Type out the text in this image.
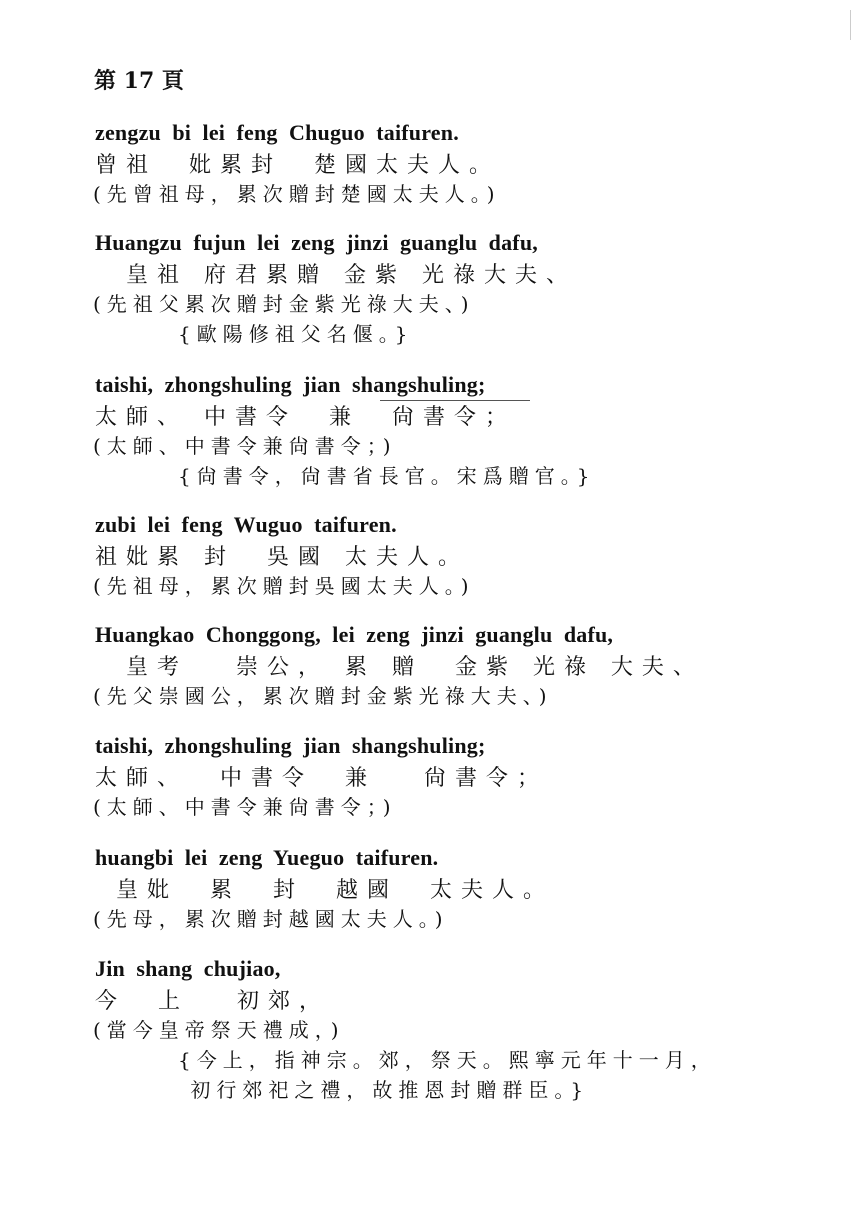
第 17 頁
zengzu  bi  lei  feng  Chuguo  taifuren.
曾祖  妣累封  楚國太夫人。
(先曾祖母，累次贈封楚國太夫人。)
Huangzu  fujun  lei  zeng  jinzi  guanglu  dafu,
皇祖 府君累贈 金紫 光祿大夫、
(先祖父累次贈封金紫光祿大夫、)
{歐陽修祖父名偃。}
taishi,  zhongshuling  jian  shangshuling;
太師、 中書令  兼  尙書令；
(太師、中書令兼尙書令；)
{尙書令，尙書省長官。宋爲贈官。}
zubi  lei  feng  Wuguo  taifuren.
祖妣累 封  吳國 太夫人。
(先祖母，累次贈封吳國太夫人。)
Huangkao  Chonggong,  lei  zeng  jinzi  guanglu  dafu,
皇考   崇公， 累 贈  金紫 光祿 大夫、
(先父崇國公，累次贈封金紫光祿大夫、)
taishi,  zhongshuling  jian  shangshuling;
太師、  中書令  兼   尙書令；
(太師、中書令兼尙書令；)
huangbi  lei  zeng  Yueguo  taifuren.
皇妣  累  封  越國  太夫人。
(先母，累次贈封越國太夫人。)
Jin  shang  chujiao,
今  上   初郊，
(當今皇帝祭天禮成，)
{今上，指神宗。郊，祭天。熙寧元年十一月，
初行郊祀之禮，故推恩封贈群臣。}
